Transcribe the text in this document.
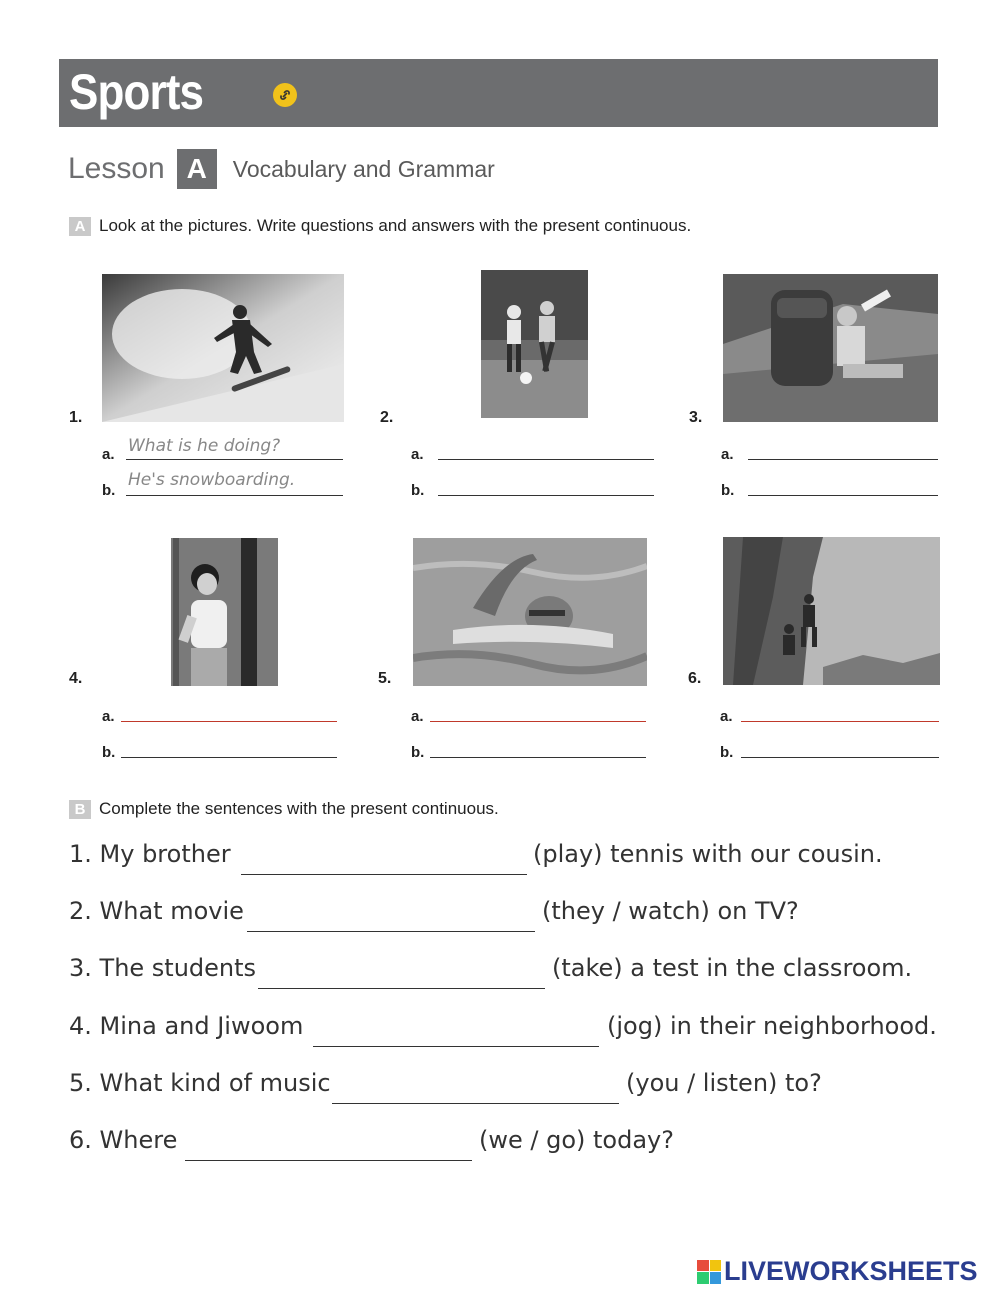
Sports
Lesson A	Vocabulary and Grammar
A Look at the pictures. Write questions and answers with the present continuous.
1.
a. What is he doing?
b.
He's snowboarding.
2.
a.
b.
3.
a.
b.
4.
a.
b.
5.
a.
b.
6.
a.
b.
B Complete the sentences with the present continuous.
1. My brother	(play) tennis with our cousin.
2. What movie	(they / watch) on TV?
3. The students	(take) a test in the classroom.
4. Mina and Jiwoom	(jog) in their neighborhood.
5. What kind of music	(you / listen) to?
6. Where	(we / go) today?
LIVEWORKSHEETS
